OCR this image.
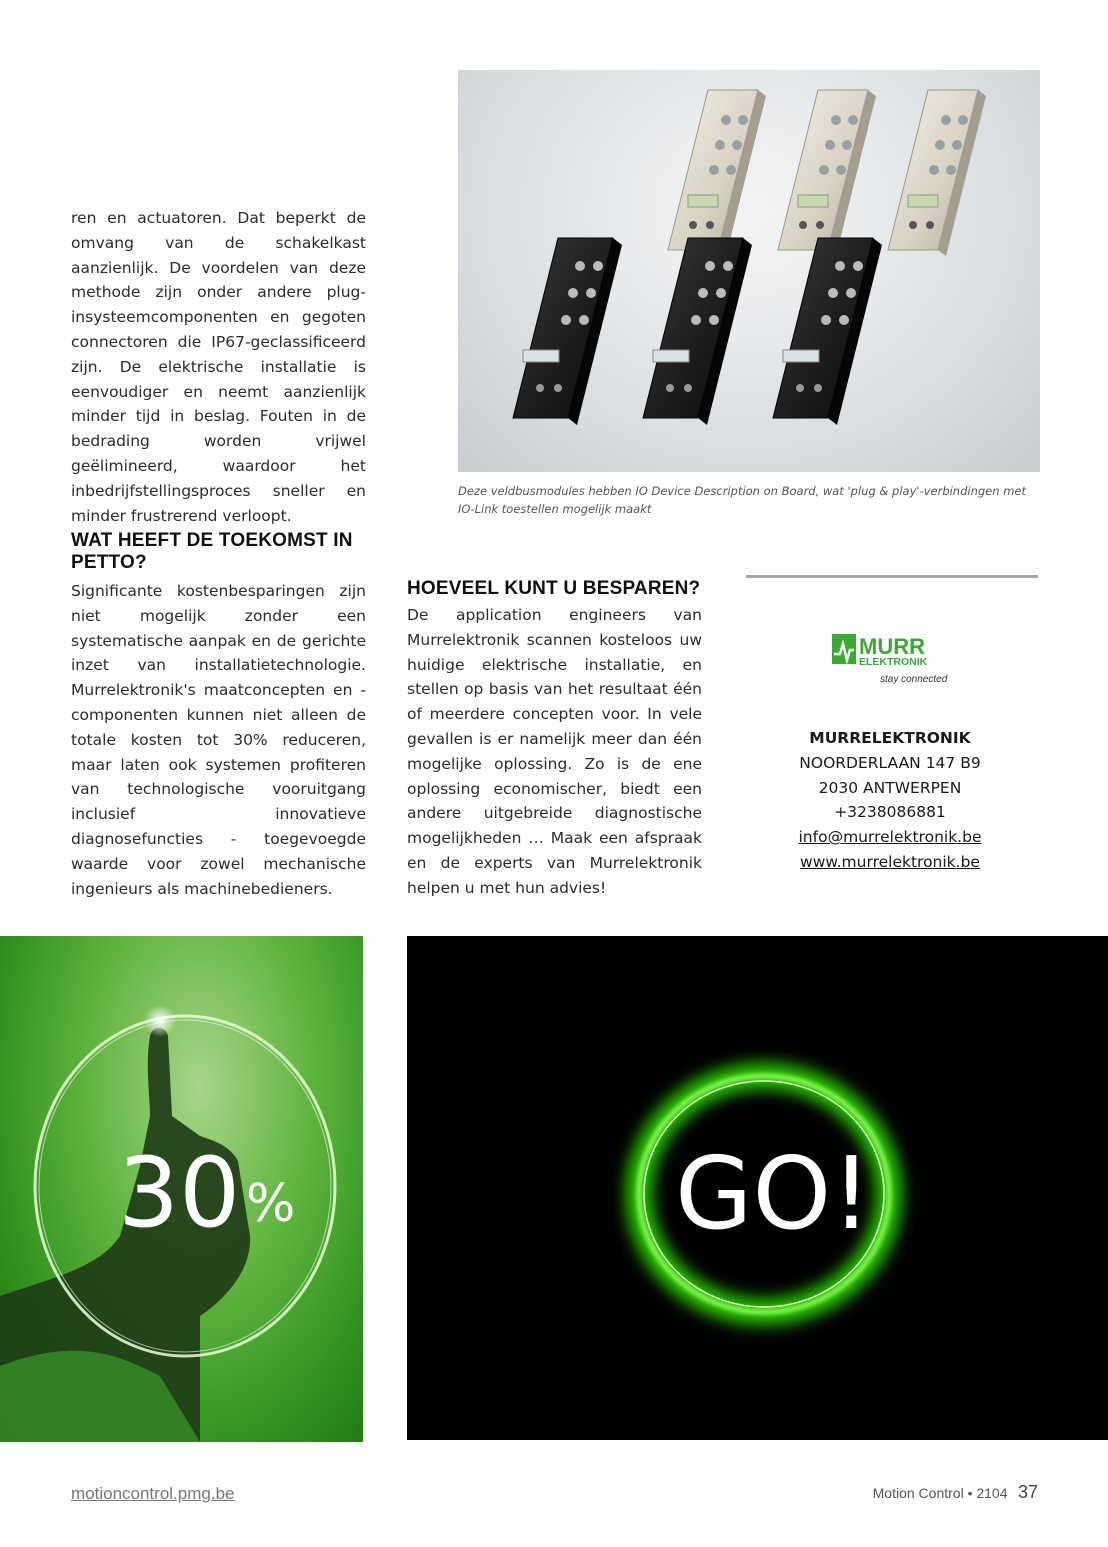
ren en actuatoren. Dat beperkt de omvang van de schakelkast aanzienlijk. De voordelen van deze methode zijn onder andere plug-insysteemcomponenten en gegoten connectoren die IP67-geclassificeerd zijn. De elektrische installatie is eenvoudiger en neemt aanzienlijk minder tijd in beslag. Fouten in de bedrading worden vrijwel geëlimineerd, waardoor het inbedrijfstellingsproces sneller en minder frustrerend verloopt.

WAT HEEFT DE TOEKOMST IN PETTO?

Significante kostenbesparingen zijn niet mogelijk zonder een systematische aanpak en de gerichte inzet van installatietechnologie. Murrelektronik's maatconcepten en -componenten kunnen niet alleen de totale kosten tot 30% reduceren, maar laten ook systemen profiteren van technologische vooruitgang inclusief innovatieve diagnosefuncties - toegevoegde waarde voor zowel mechanische ingenieurs als machinebedieners.

Deze veldbusmodules hebben IO Device Description on Board, wat 'plug & play'-verbindingen met IO-Link toestellen mogelijk maakt

HOEVEEL KUNT U BESPAREN?

De application engineers van Murrelektronik scannen kosteloos uw huidige elektrische installatie, en stellen op basis van het resultaat één of meerdere concepten voor. In vele gevallen is er namelijk meer dan één mogelijke oplossing. Zo is de ene oplossing economischer, biedt een andere uitgebreide diagnostische mogelijkheden … Maak een afspraak en de experts van Murrelektronik helpen u met hun advies!

MURR
ELEKTRONIK
stay connected
MURRELEKTRONIK
NOORDERLAAN 147 B9
2030 ANTWERPEN
+3238086881
info@murrelektronik.be
www.murrelektronik.be
30 %	GO!
motioncontrol.pmg.be	Motion Control • 2104 37
